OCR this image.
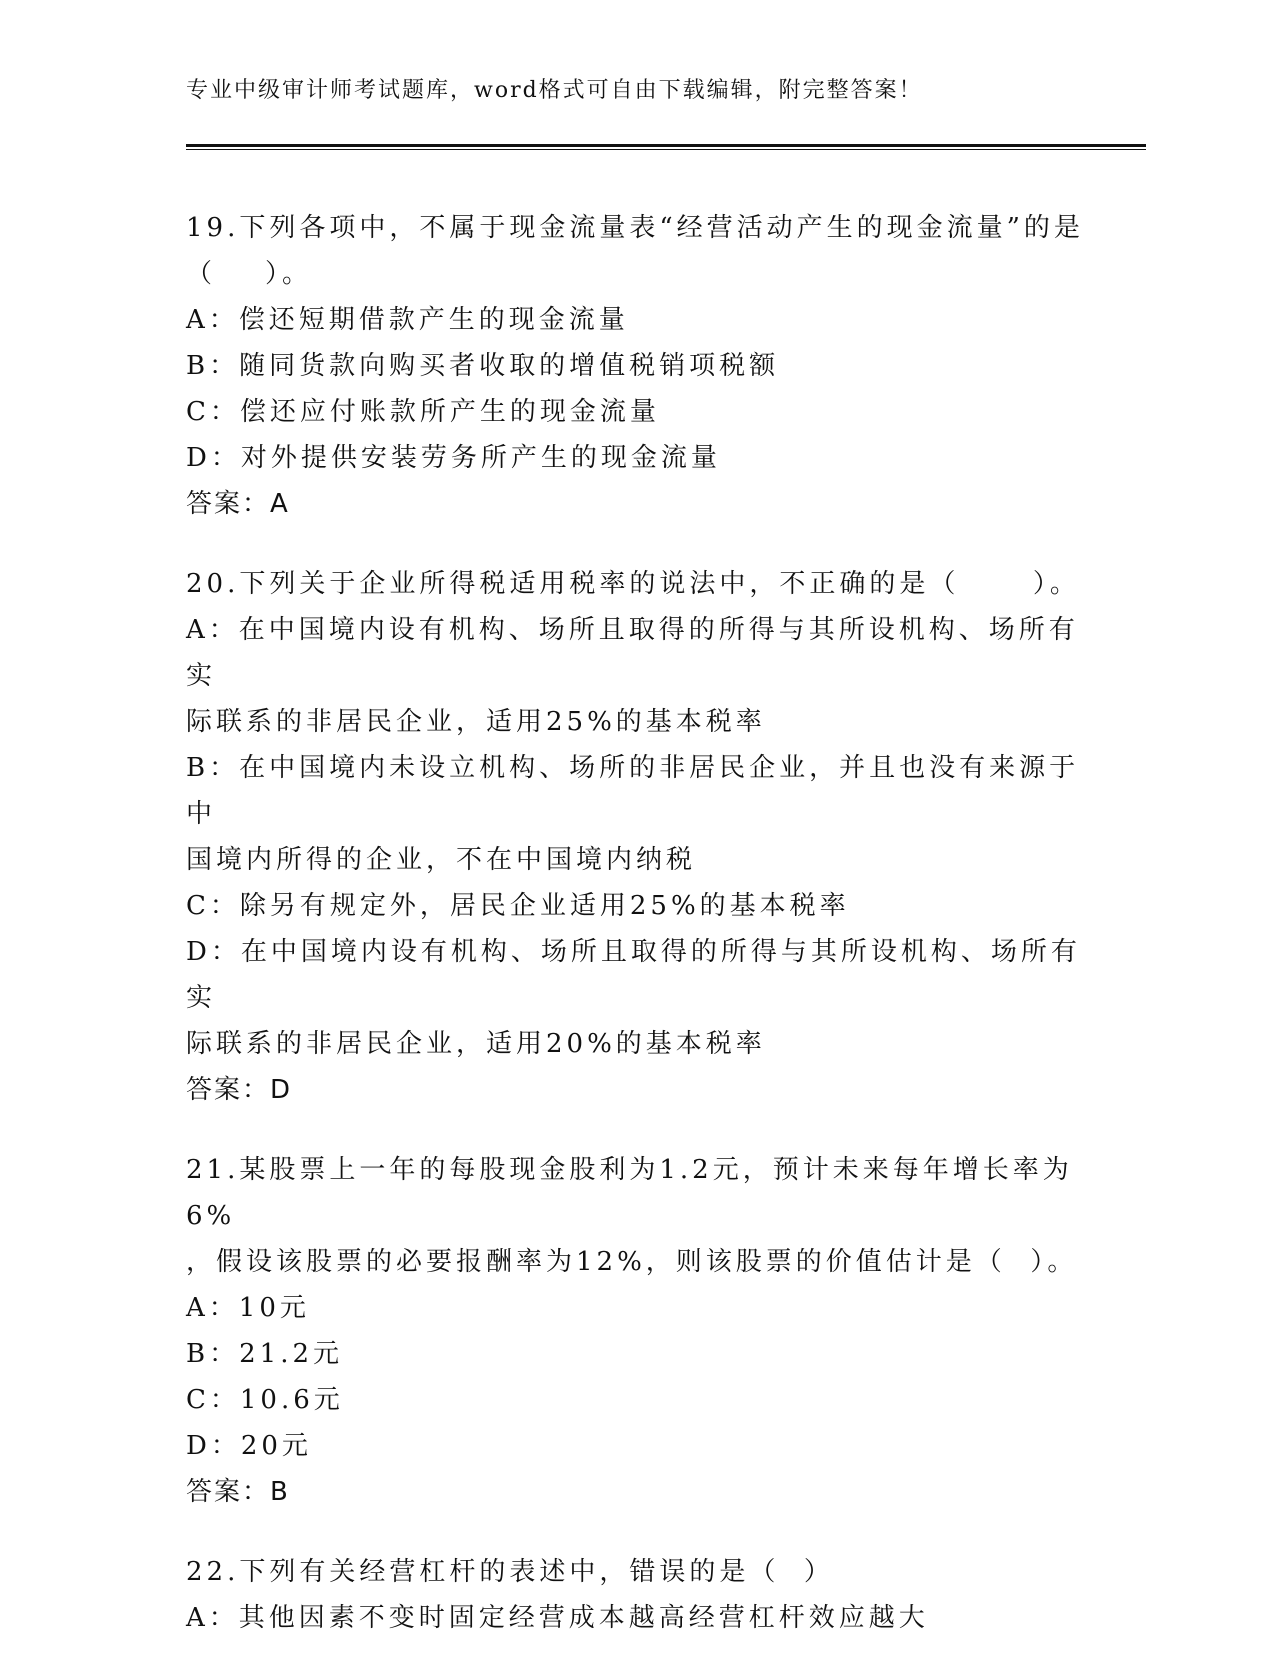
专业中级审计师考试题库，word格式可自由下载编辑，附完整答案！
19.下列各项中，不属于现金流量表“经营活动产生的现金流量”的是
（    ）。
A：偿还短期借款产生的现金流量
B：随同货款向购买者收取的增值税销项税额
C：偿还应付账款所产生的现金流量
D：对外提供安装劳务所产生的现金流量
答案：A
20.下列关于企业所得税适用税率的说法中，不正确的是（      ）。
A：在中国境内设有机构、场所且取得的所得与其所设机构、场所有实
际联系的非居民企业，适用25%的基本税率
B：在中国境内未设立机构、场所的非居民企业，并且也没有来源于中
国境内所得的企业，不在中国境内纳税
C：除另有规定外，居民企业适用25%的基本税率
D：在中国境内设有机构、场所且取得的所得与其所设机构、场所有实
际联系的非居民企业，适用20%的基本税率
答案：D
21.某股票上一年的每股现金股利为1.2元，预计未来每年增长率为6%
，假设该股票的必要报酬率为12%，则该股票的价值估计是（  ）。
A：10元
B：21.2元
C：10.6元
D：20元
答案：B
22.下列有关经营杠杆的表述中，错误的是（  ）
A：其他因素不变时固定经营成本越高经营杠杆效应越大
